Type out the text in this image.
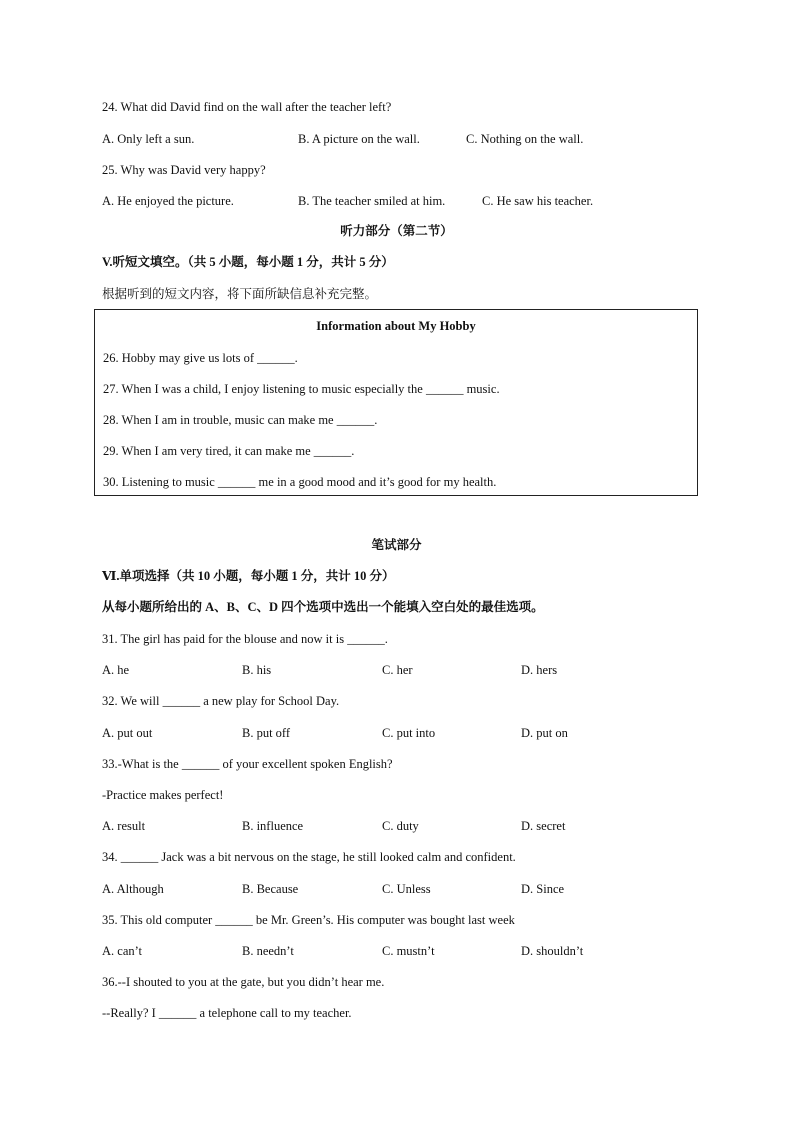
24. What did David find on the wall after the teacher left?
A. Only left a sun.	B. A picture on the wall.	C. Nothing on the wall.
25. Why was David very happy?
A. He enjoyed the picture.	B. The teacher smiled at him.	C. He saw his teacher.
听力部分（第二节）
V.听短文填空。（共 5 小题，每小题 1 分，共计 5 分）
根据听到的短文内容，将下面所缺信息补充完整。
Information about My Hobby
26. Hobby may give us lots of ______.
27. When I was a child, I enjoy listening to music especially the ______ music.
28. When I am in trouble, music can make me ______.
29. When I am very tired, it can make me ______.
30. Listening to music ______ me in a good mood and it’s good for my health.
笔试部分
Ⅵ.单项选择（共 10 小题，每小题 1 分，共计 10 分）
从每小题所给出的 A、B、C、D 四个选项中选出一个能填入空白处的最佳选项。
31. The girl has paid for the blouse and now it is ______.
A. he	B. his	C. her	D. hers
32. We will ______ a new play for School Day.
A. put out	B. put off	C. put into	D. put on
33.-What is the ______ of your excellent spoken English?
-Practice makes perfect!
A. result	B. influence	C. duty	D. secret
34. ______ Jack was a bit nervous on the stage, he still looked calm and confident.
A. Although	B. Because	C. Unless	D. Since
35. This old computer ______ be Mr. Green’s. His computer was bought last week
A. can’t	B. needn’t	C. mustn’t	D. shouldn’t
36.--I shouted to you at the gate, but you didn’t hear me.
--Really? I ______ a telephone call to my teacher.
